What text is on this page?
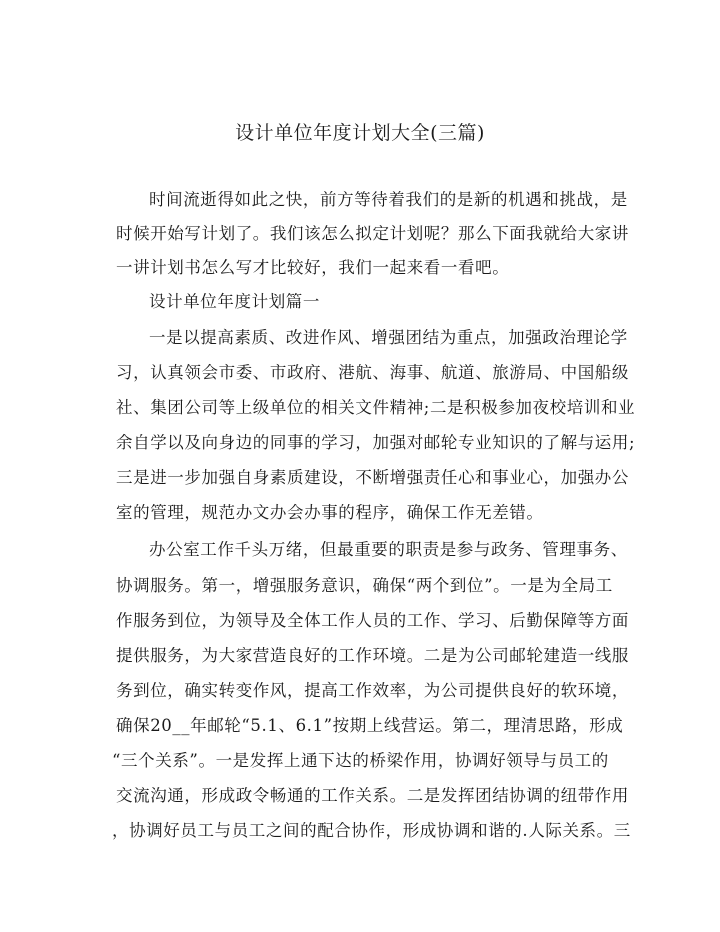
设计单位年度计划大全(三篇)
时间流逝得如此之快，前方等待着我们的是新的机遇和挑战，是
时候开始写计划了。我们该怎么拟定计划呢？那么下面我就给大家讲
一讲计划书怎么写才比较好，我们一起来看一看吧。
设计单位年度计划篇一
一是以提高素质、改进作风、增强团结为重点，加强政治理论学
习，认真领会市委、市政府、港航、海事、航道、旅游局、中国船级
社、集团公司等上级单位的相关文件精神;二是积极参加夜校培训和业
余自学以及向身边的同事的学习，加强对邮轮专业知识的了解与运用;
三是进一步加强自身素质建设，不断增强责任心和事业心，加强办公
室的管理，规范办文办会办事的程序，确保工作无差错。
办公室工作千头万绪，但最重要的职责是参与政务、管理事务、
协调服务。第一，增强服务意识，确保“两个到位”。一是为全局工
作服务到位，为领导及全体工作人员的工作、学习、后勤保障等方面
提供服务，为大家营造良好的工作环境。二是为公司邮轮建造一线服
务到位，确实转变作风，提高工作效率，为公司提供良好的软环境，
确保20__年邮轮“5.1、6.1”按期上线营运。第二，理清思路，形成
“三个关系”。一是发挥上通下达的桥梁作用，协调好领导与员工的
交流沟通，形成政令畅通的工作关系。二是发挥团结协调的纽带作用
，协调好员工与员工之间的配合协作，形成协调和谐的.人际关系。三
